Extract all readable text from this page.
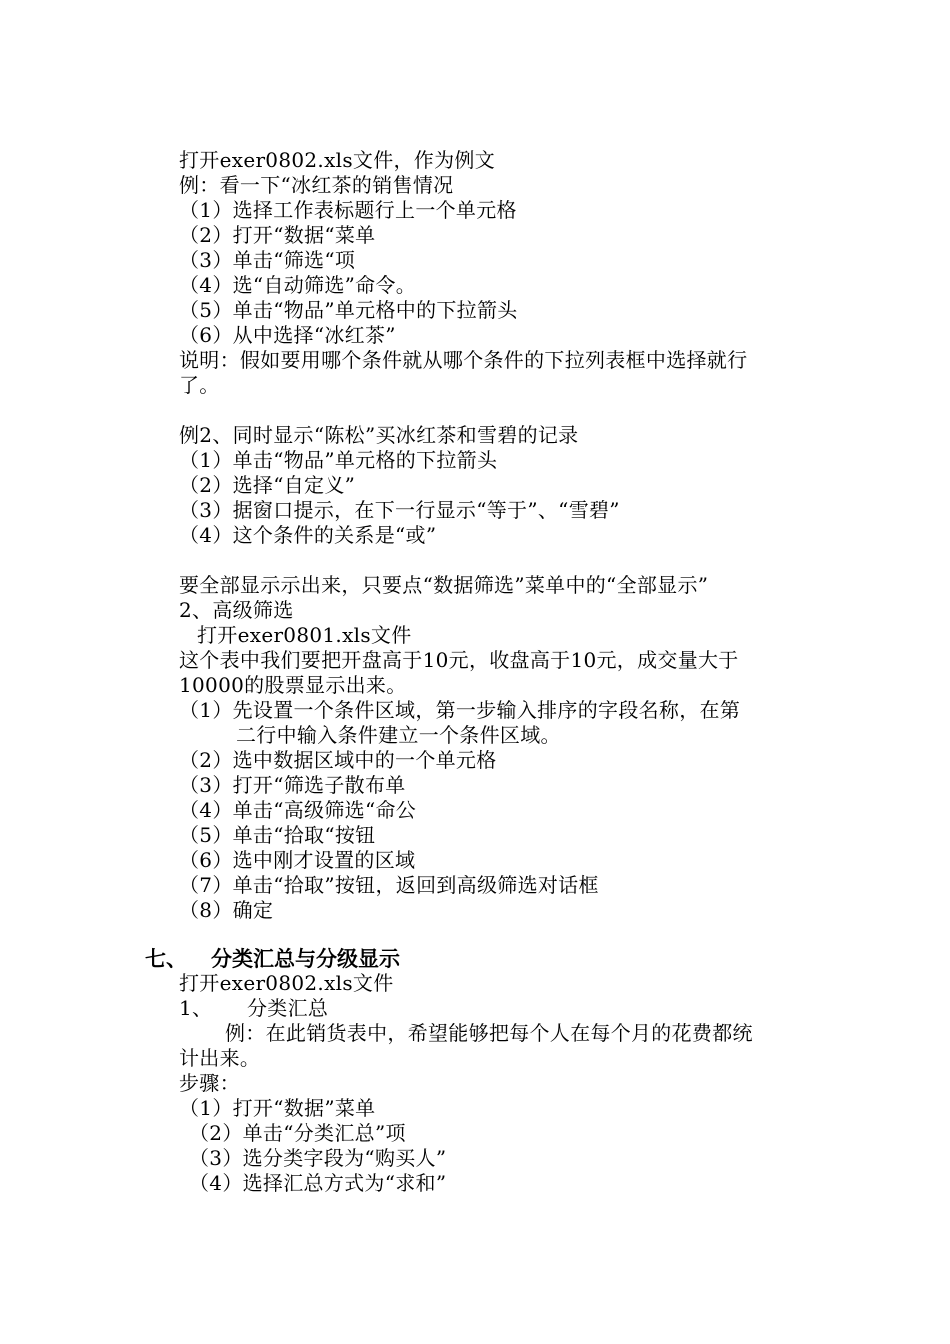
打开exer0802.xls文件，作为例文
例：看一下“冰红茶的销售情况
（1）选择工作表标题行上一个单元格
（2）打开“数据“菜单
（3）单击“筛选“项
（4）选“自动筛选”命令。
（5）单击“物品”单元格中的下拉箭头
（6）从中选择“冰红茶”
说明：假如要用哪个条件就从哪个条件的下拉列表框中选择就行
了。
例2、同时显示“陈松”买冰红茶和雪碧的记录
（1）单击“物品”单元格的下拉箭头
（2）选择“自定义”
（3）据窗口提示，在下一行显示“等于”、“雪碧”
（4）这个条件的关系是“或”
要全部显示示出来，只要点“数据筛选”菜单中的“全部显示”
2、高级筛选
打开exer0801.xls文件
这个表中我们要把开盘高于10元，收盘高于10元，成交量大于
10000的股票显示出来。
（1）先设置一个条件区域，第一步输入排序的字段名称，在第
二行中输入条件建立一个条件区域。
（2）选中数据区域中的一个单元格
（3）打开“筛选子散布单
（4）单击“高级筛选“命公
（5）单击“拾取“按钮
（6）选中刚才设置的区域
（7）单击“拾取”按钮，返回到高级筛选对话框
（8）确定
七、 分类汇总与分级显示
打开exer0802.xls文件
1、 分类汇总
例：在此销货表中，希望能够把每个人在每个月的花费都统
计出来。
步骤：
（1）打开“数据”菜单
（2）单击“分类汇总”项
（3）选分类字段为“购买人”
（4）选择汇总方式为“求和”
